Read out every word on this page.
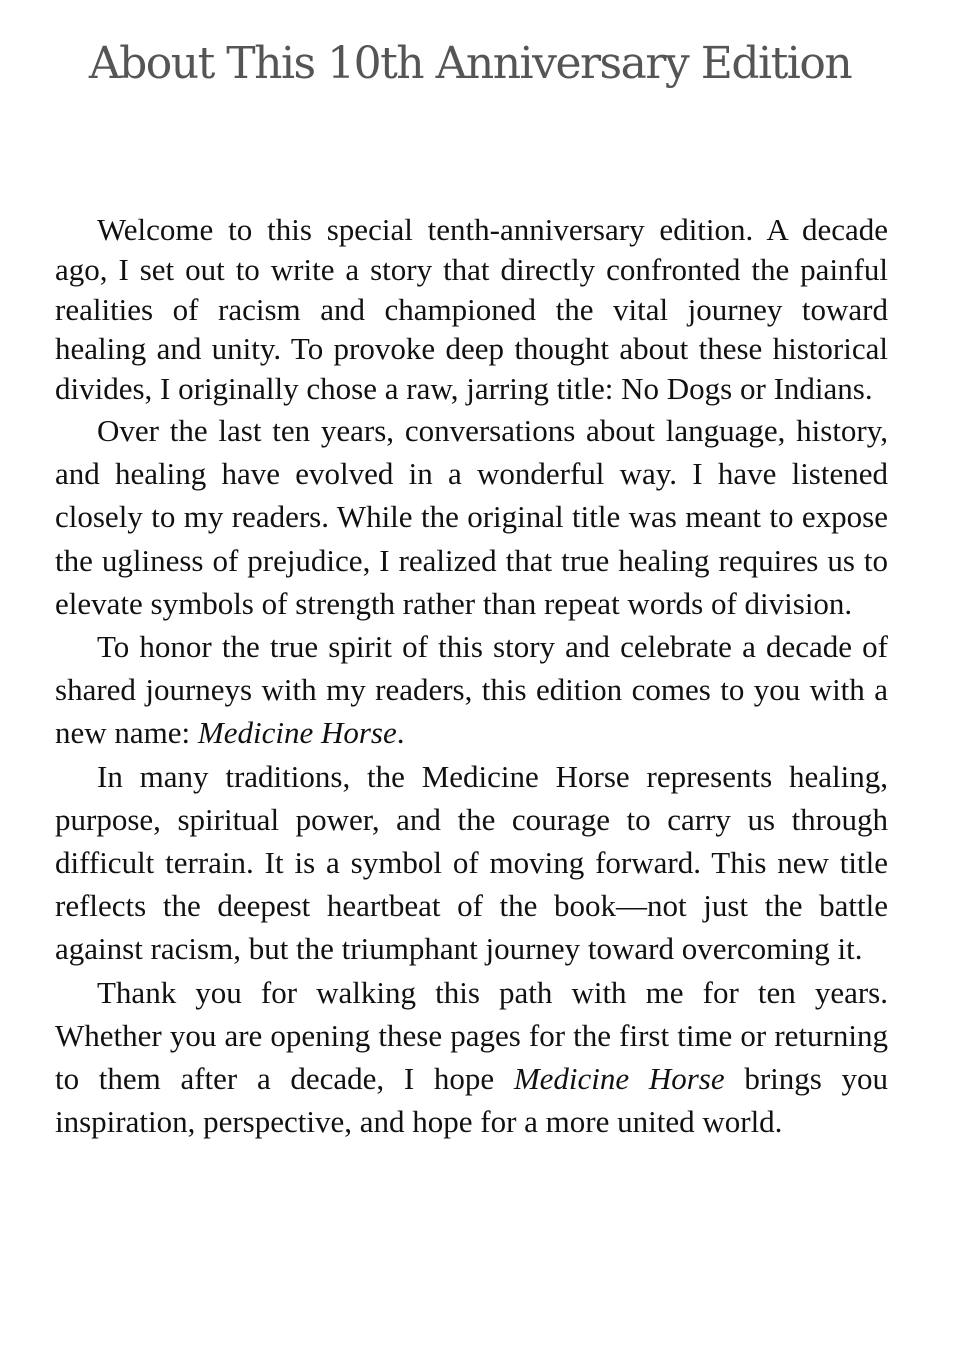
About This 10th Anniversary Edition

Welcome to this special tenth-anniversary edition. A decade ago, I set out to write a story that directly confronted the painful realities of racism and championed the vital journey toward healing and unity. To provoke deep thought about these historical divides, I originally chose a raw, jarring title: No Dogs or Indians.

Over the last ten years, conversations about language, history, and healing have evolved in a wonderful way. I have listened closely to my readers. While the original title was meant to expose the ugliness of prejudice, I realized that true healing requires us to elevate symbols of strength rather than repeat words of division.

To honor the true spirit of this story and celebrate a decade of shared journeys with my readers, this edition comes to you with a new name: Medicine Horse.

In many traditions, the Medicine Horse represents healing, purpose, spiritual power, and the courage to carry us through difficult terrain. It is a symbol of moving forward. This new title reflects the deepest heartbeat of the book—not just the battle against racism, but the triumphant journey toward overcoming it.

Thank you for walking this path with me for ten years. Whether you are opening these pages for the first time or returning to them after a decade, I hope Medicine Horse brings you inspiration, perspective, and hope for a more united world.
